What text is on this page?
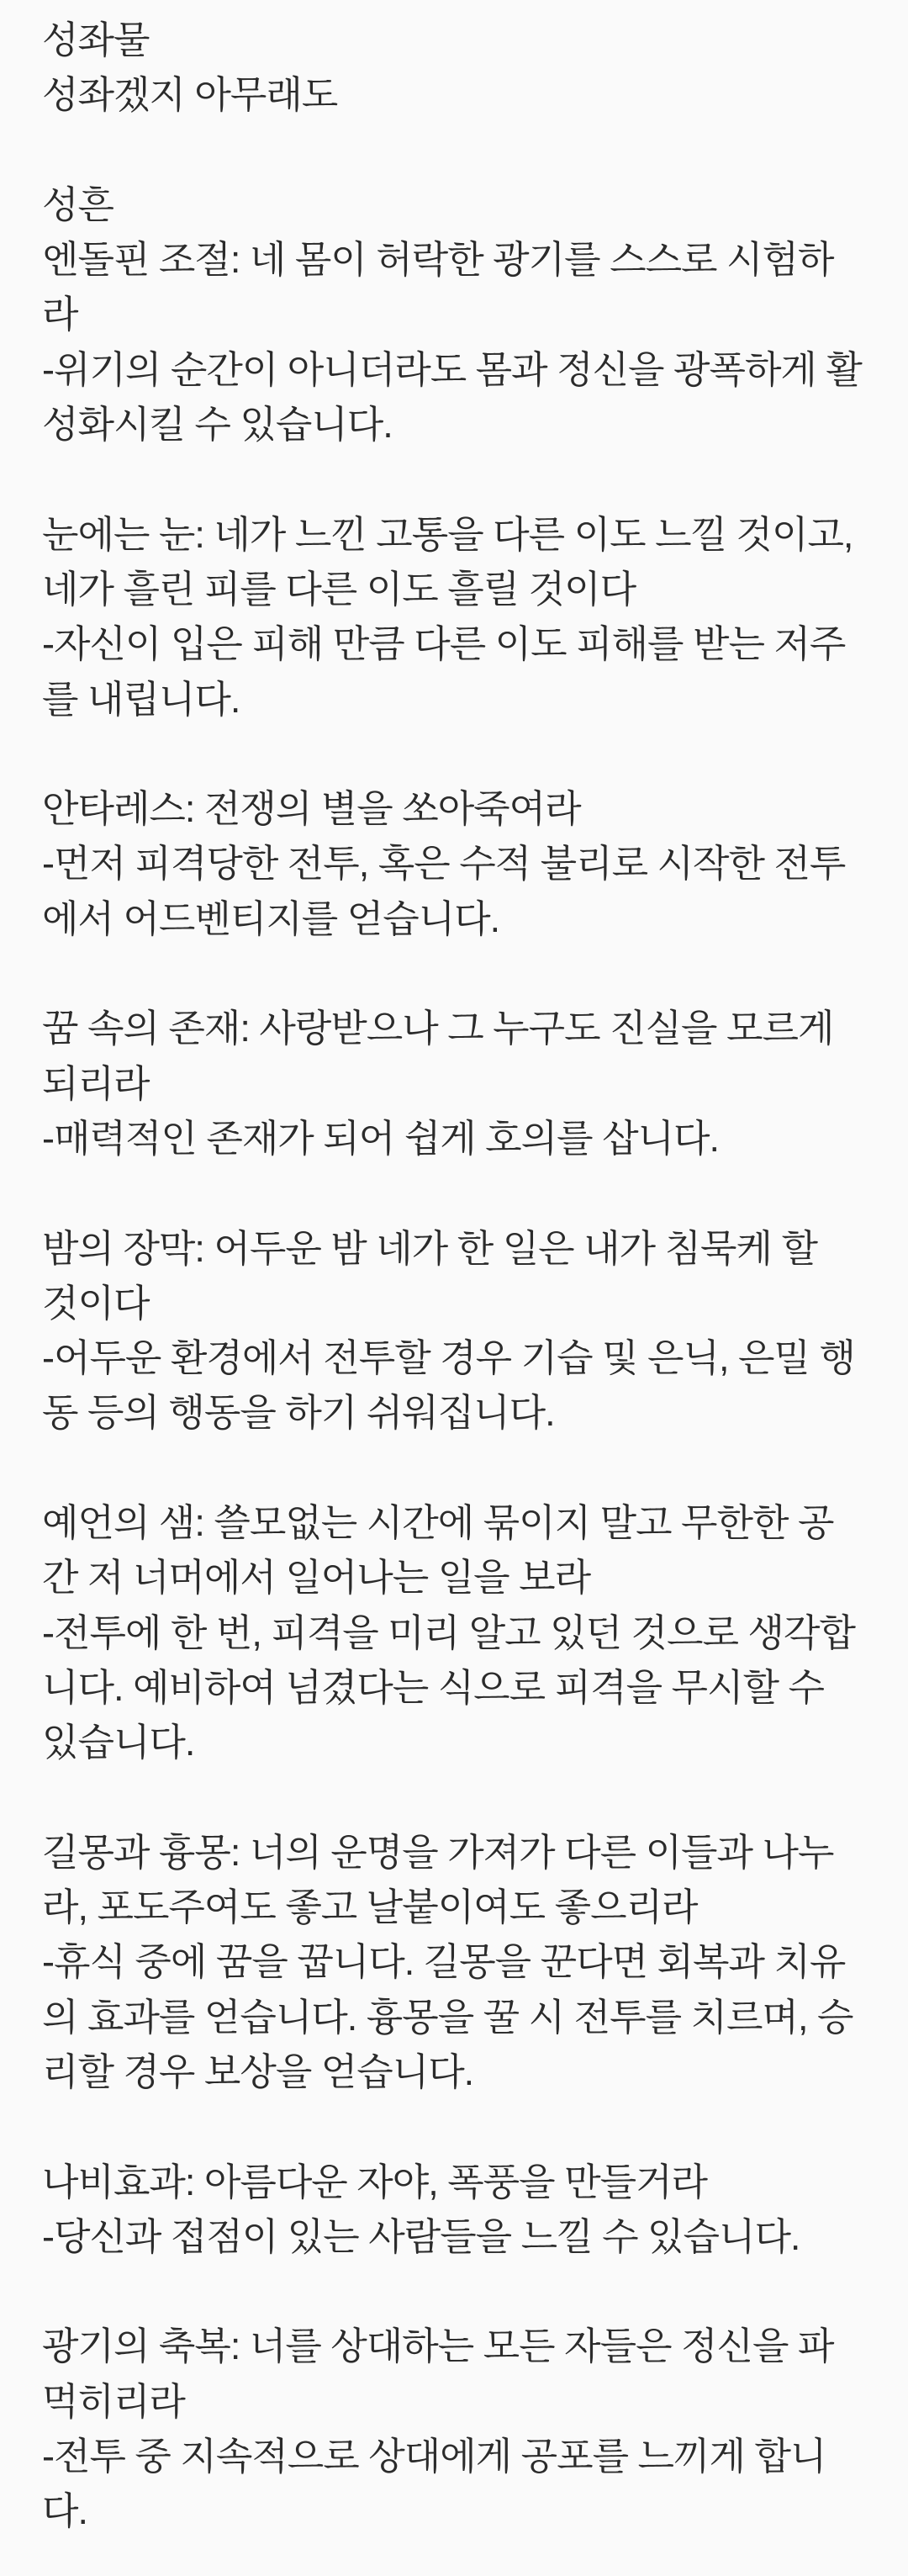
성좌물
성좌겠지 아무래도
성흔
엔돌핀 조절: 네 몸이 허락한 광기를 스스로 시험하
라
-위기의 순간이 아니더라도 몸과 정신을 광폭하게 활
성화시킬 수 있습니다.
눈에는 눈: 네가 느낀 고통을 다른 이도 느낄 것이고,
네가 흘린 피를 다른 이도 흘릴 것이다
-자신이 입은 피해 만큼 다른 이도 피해를 받는 저주
를 내립니다.
안타레스: 전쟁의 별을 쏘아죽여라
-먼저 피격당한 전투, 혹은 수적 불리로 시작한 전투
에서 어드벤티지를 얻습니다.
꿈 속의 존재: 사랑받으나 그 누구도 진실을 모르게
되리라
-매력적인 존재가 되어 쉽게 호의를 삽니다.
밤의 장막: 어두운 밤 네가 한 일은 내가 침묵케 할
것이다
-어두운 환경에서 전투할 경우 기습 및 은닉, 은밀 행
동 등의 행동을 하기 쉬워집니다.
예언의 샘: 쓸모없는 시간에 묶이지 말고 무한한 공
간 저 너머에서 일어나는 일을 보라
-전투에 한 번, 피격을 미리 알고 있던 것으로 생각합
니다. 예비하여 넘겼다는 식으로 피격을 무시할 수
있습니다.
길몽과 흉몽: 너의 운명을 가져가 다른 이들과 나누
라, 포도주여도 좋고 날붙이여도 좋으리라
-휴식 중에 꿈을 꿉니다. 길몽을 꾼다면 회복과 치유
의 효과를 얻습니다. 흉몽을 꿀 시 전투를 치르며, 승
리할 경우 보상을 얻습니다.
나비효과: 아름다운 자야, 폭풍을 만들거라
-당신과 접점이 있는 사람들을 느낄 수 있습니다.
광기의 축복: 너를 상대하는 모든 자들은 정신을 파
먹히리라
-전투 중 지속적으로 상대에게 공포를 느끼게 합니
다.
